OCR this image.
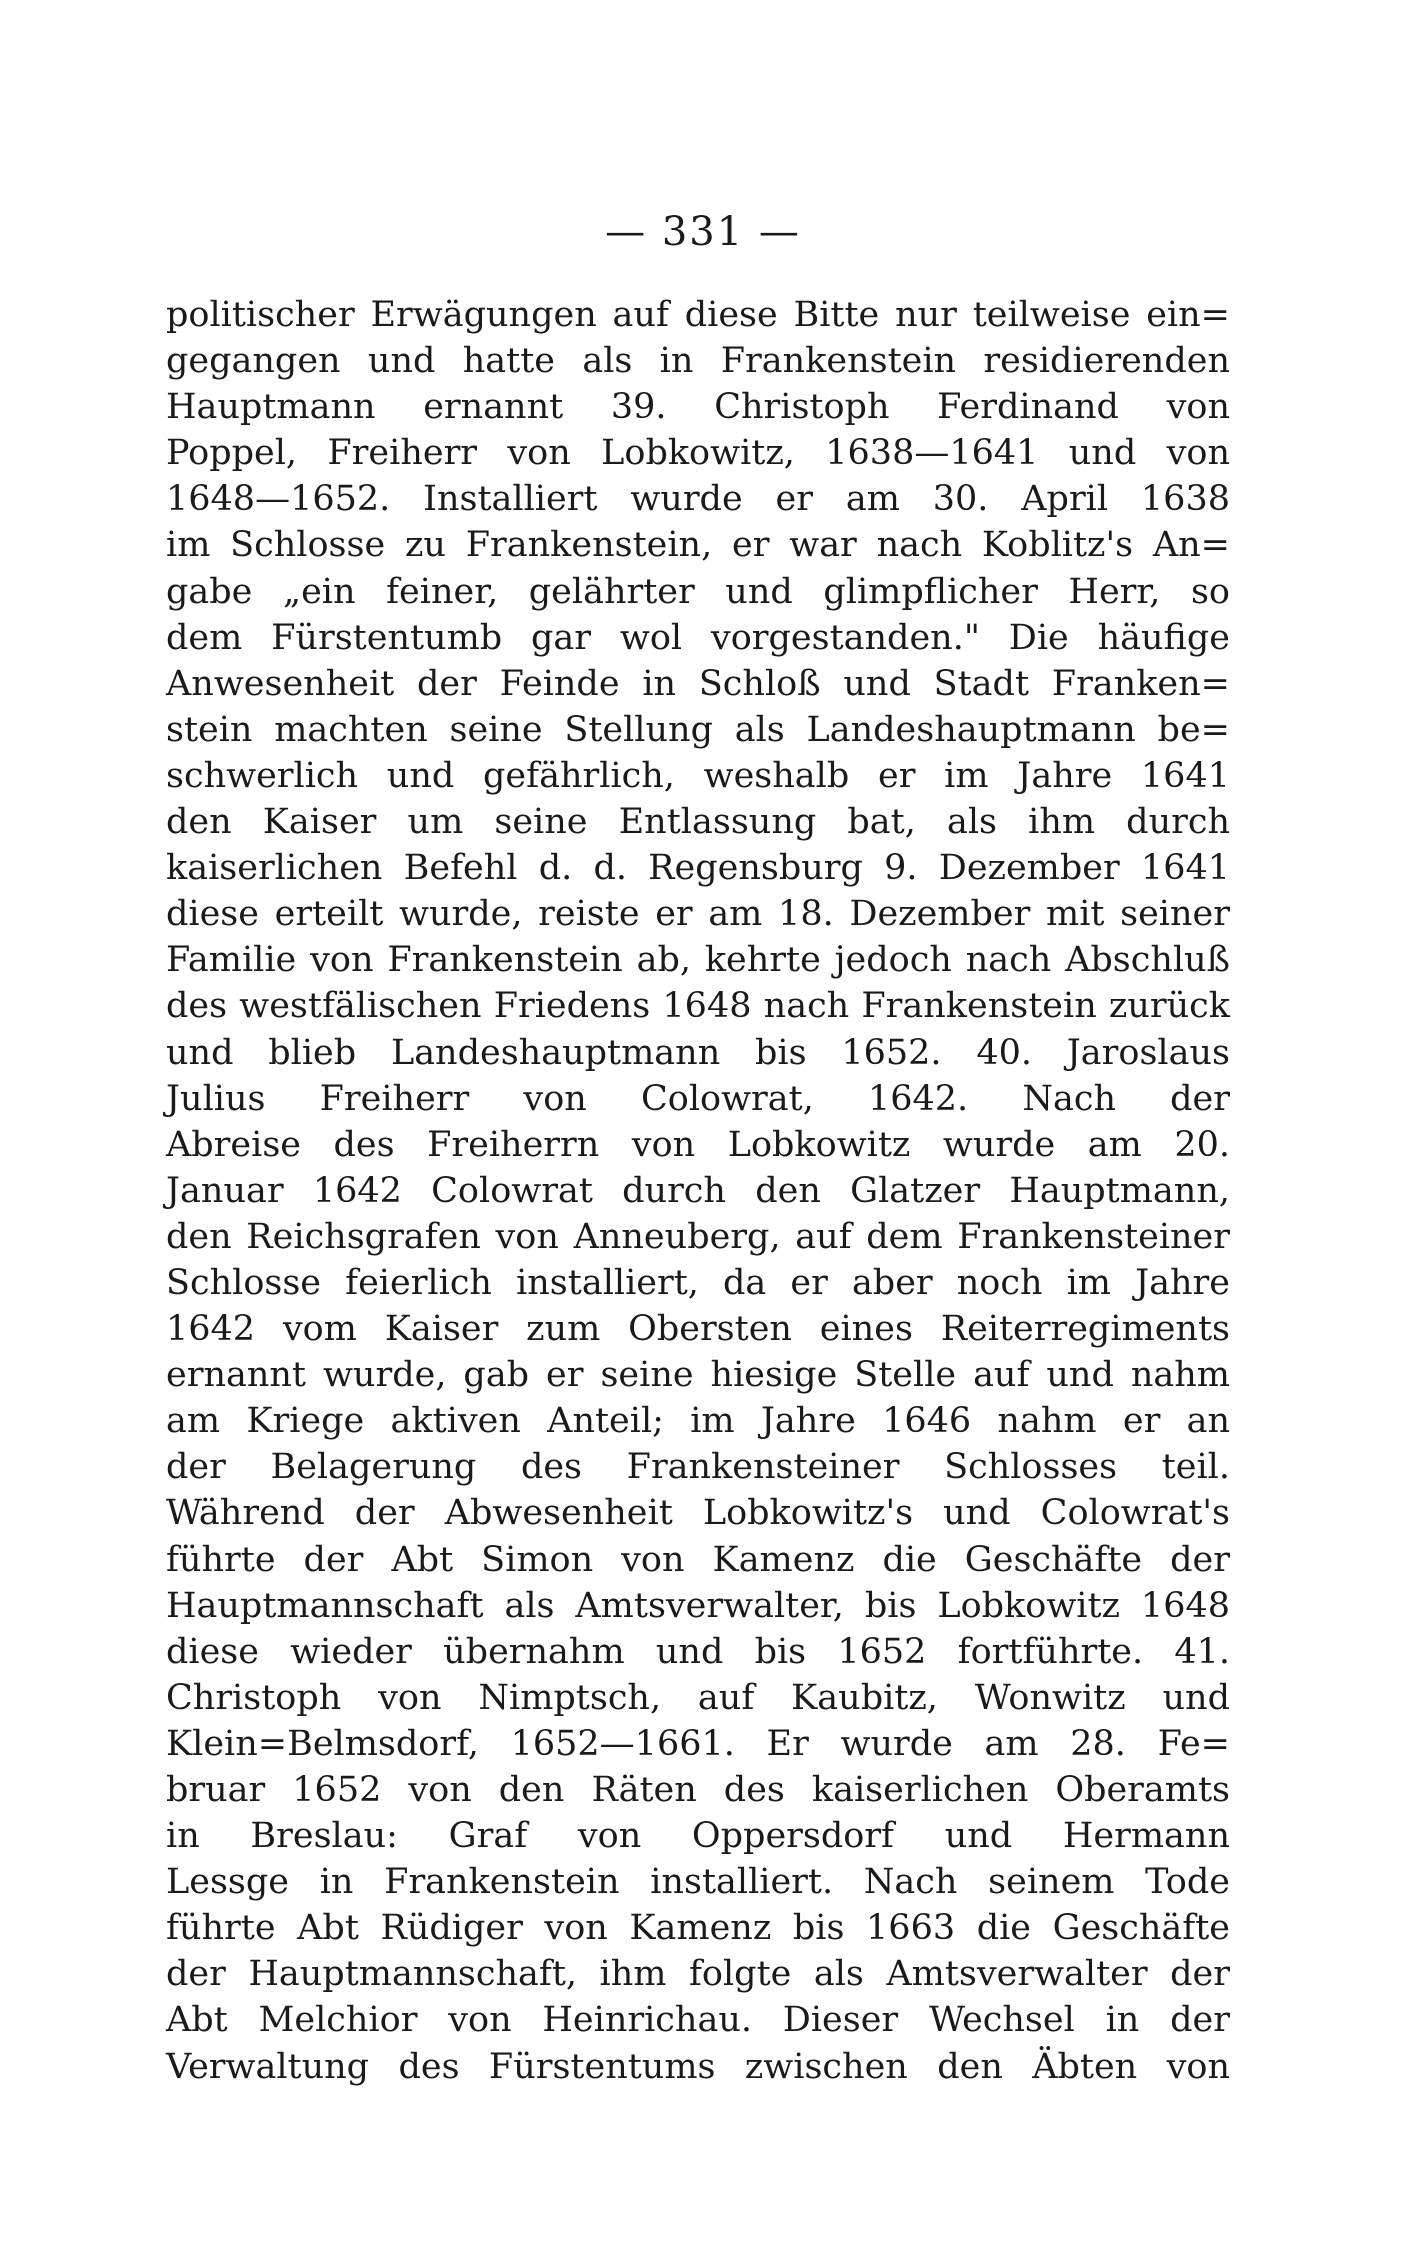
— 331 —
politischer Erwägungen auf diese Bitte nur teilweise ein=
gegangen und hatte als in Frankenstein residierenden
Hauptmann ernannt 39. Christoph Ferdinand von
Poppel, Freiherr von Lobkowitz, 1638—1641 und von
1648—1652. Installiert wurde er am 30. April 1638
im Schlosse zu Frankenstein, er war nach Koblitz's An=
gabe „ein feiner, gelährter und glimpflicher Herr, so
dem Fürstentumb gar wol vorgestanden." Die häufige
Anwesenheit der Feinde in Schloß und Stadt Franken=
stein machten seine Stellung als Landeshauptmann be=
schwerlich und gefährlich, weshalb er im Jahre 1641
den Kaiser um seine Entlassung bat, als ihm durch
kaiserlichen Befehl d. d. Regensburg 9. Dezember 1641
diese erteilt wurde, reiste er am 18. Dezember mit seiner
Familie von Frankenstein ab, kehrte jedoch nach Abschluß
des westfälischen Friedens 1648 nach Frankenstein zurück
und blieb Landeshauptmann bis 1652. 40. Jaroslaus
Julius Freiherr von Colowrat, 1642. Nach der
Abreise des Freiherrn von Lobkowitz wurde am 20.
Januar 1642 Colowrat durch den Glatzer Hauptmann,
den Reichsgrafen von Anneuberg, auf dem Frankensteiner
Schlosse feierlich installiert, da er aber noch im Jahre
1642 vom Kaiser zum Obersten eines Reiterregiments
ernannt wurde, gab er seine hiesige Stelle auf und nahm
am Kriege aktiven Anteil; im Jahre 1646 nahm er an
der Belagerung des Frankensteiner Schlosses teil.
Während der Abwesenheit Lobkowitz's und Colowrat's
führte der Abt Simon von Kamenz die Geschäfte der
Hauptmannschaft als Amtsverwalter, bis Lobkowitz 1648
diese wieder übernahm und bis 1652 fortführte. 41.
Christoph von Nimptsch, auf Kaubitz, Wonwitz und
Klein=Belmsdorf, 1652—1661. Er wurde am 28. Fe=
bruar 1652 von den Räten des kaiserlichen Oberamts
in Breslau: Graf von Oppersdorf und Hermann
Lessge in Frankenstein installiert. Nach seinem Tode
führte Abt Rüdiger von Kamenz bis 1663 die Geschäfte
der Hauptmannschaft, ihm folgte als Amtsverwalter der
Abt Melchior von Heinrichau. Dieser Wechsel in der
Verwaltung des Fürstentums zwischen den Äbten von
